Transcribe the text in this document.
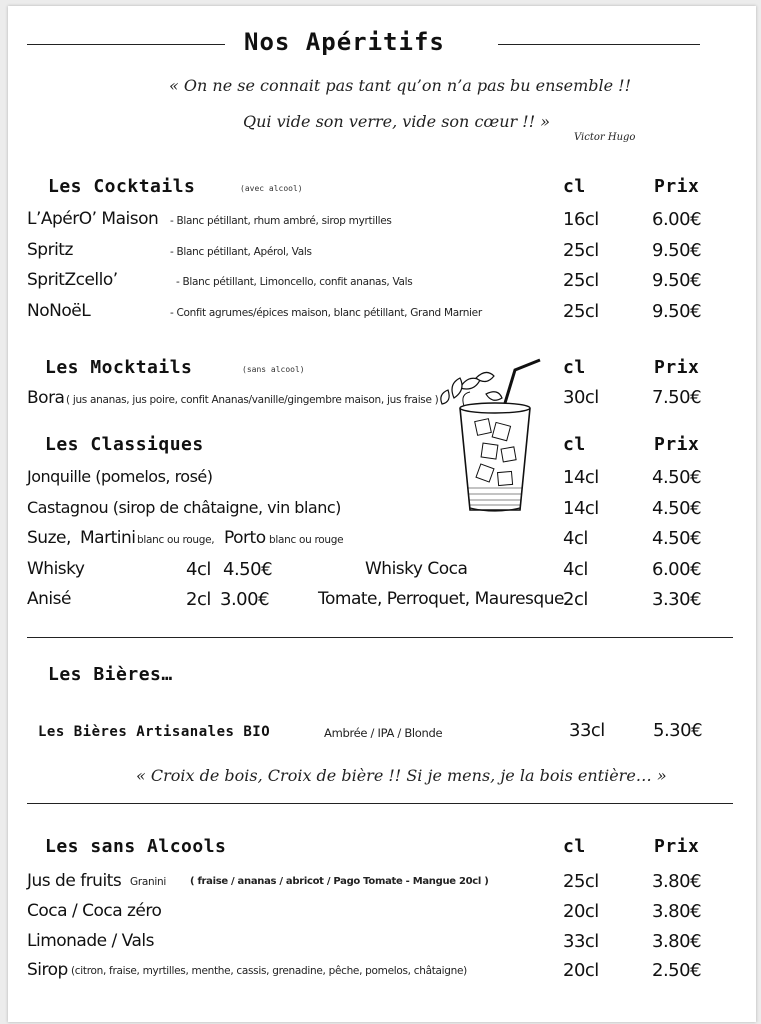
Nos Apéritifs
« On ne se connait pas tant qu’on n’a pas bu ensemble !!
Qui vide son verre, vide son cœur !! »
Victor Hugo
Les Cocktails	(avec alcool)	cl	Prix
L’ApérO’ Maison - Blanc pétillant, rhum ambré, sirop myrtilles	16cl	6.00€
Spritz	- Blanc pétillant, Apérol, Vals	25cl	9.50€
SpritZcello’	- Blanc pétillant, Limoncello, confit ananas, Vals	25cl	9.50€
NoNoëL	- Confit agrumes/épices maison, blanc pétillant, Grand Marnier	25cl	9.50€
Les Mocktails	(sans alcool)	cl	Prix
Bora ( jus ananas, jus poire, confit Ananas/vanille/gingembre maison, jus fraise )	30cl	7.50€
Les Classiques	cl	Prix
Jonquille (pomelos, rosé)	14cl	4.50€
Castagnou (sirop de châtaigne, vin blanc)	14cl	4.50€
Suze, Martini blanc ou rouge, Porto blanc ou rouge	4cl	4.50€
Whisky	4cl 4.50€	Whisky Coca	4cl	6.00€
Anisé	2cl 3.00€	Tomate, Perroquet, Mauresque 2cl	3.30€
Les Bières…
Les Bières Artisanales BIO	Ambrée / IPA / Blonde	33cl	5.30€
« Croix de bois, Croix de bière !! Si je mens, je la bois entière… »
Les sans Alcools	cl	Prix
Jus de fruits Granini ( fraise / ananas / abricot / Pago Tomate - Mangue 20cl )	25cl	3.80€
Coca / Coca zéro	20cl	3.80€
Limonade / Vals	33cl	3.80€
Sirop (citron, fraise, myrtilles, menthe, cassis, grenadine, pêche, pomelos, châtaigne)	20cl	2.50€
